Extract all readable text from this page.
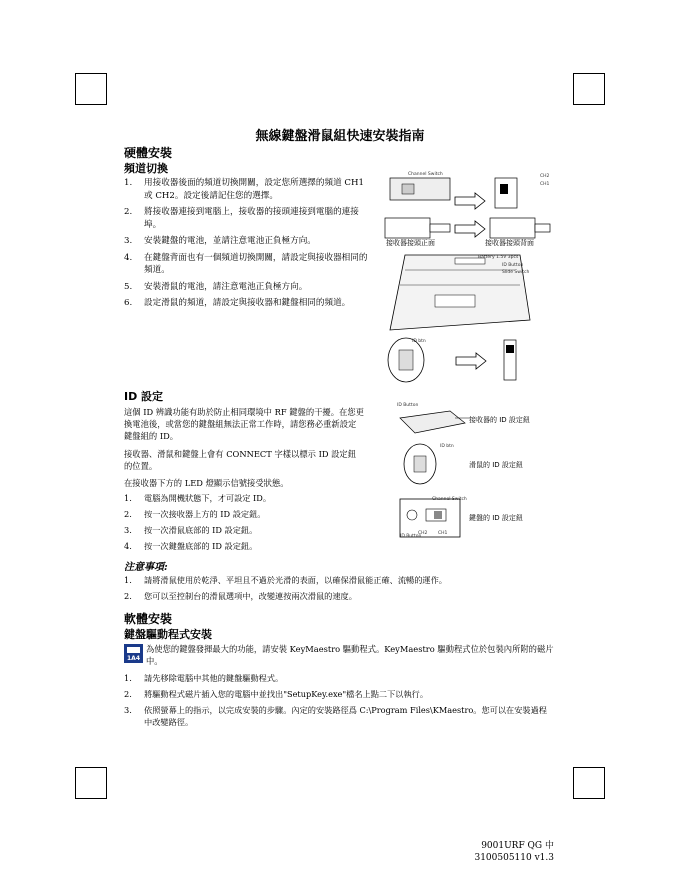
無線鍵盤滑鼠組快速安裝指南
硬體安裝
頻道切換
1. 用接收器後面的頻道切換開關，設定您所選擇的頻道 CH1 或 CH2。設定後請記住您的選擇。
2. 將接收器連接到電腦上，接收器的接頭連接到電腦的連接埠。
3. 安裝鍵盤的電池，並請注意電池正負極方向。
4. 在鍵盤背面也有一個頻道切換開關，請設定與接收器相同的頻道。
5. 安裝滑鼠的電池，請注意電池正負極方向。
6. 設定滑鼠的頻道，請設定與接收器和鍵盤相同的頻道。
Channel Switch	CH2
CH1
接收器接頭正面	接收器接頭背面
Battery 1.5V 3pcs
ID Button
Slide Switch
ID btn
ID 設定

這個 ID 辨識功能有助於防止相同環境中 RF 鍵盤的干擾。在您更換電池後，或當您的鍵盤組無法正常工作時，請您務必重新設定鍵盤組的 ID。

接收器、滑鼠和鍵盤上會有 CONNECT 字樣以標示 ID 設定鈕的位置。

在接收器下方的 LED 燈顯示信號接受狀態。

1. 電腦為開機狀態下，才可設定 ID。
2. 按一次接收器上方的 ID 設定鈕。
3. 按一次滑鼠底部的 ID 設定鈕。
4. 按一次鍵盤底部的 ID 設定鈕。
ID Button
接收器的 ID 設定鈕
ID btn
滑鼠的 ID 設定鈕
Channel Switch
CH2 CH1
ID Button
鍵盤的 ID 設定鈕
注意事項:
1. 請將滑鼠使用於乾淨、平坦且不過於光滑的表面，以確保滑鼠能正確、流暢的運作。
2. 您可以至控制台的滑鼠選項中，改變連按兩次滑鼠的速度。
軟體安裝
鍵盤驅動程式安裝
1A4

為使您的鍵盤發揮最大的功能，請安裝 KeyMaestro 驅動程式。KeyMaestro 驅動程式位於包裝內所附的磁片中。

1. 請先移除電腦中其他的鍵盤驅動程式。
2. 將驅動程式磁片插入您的電腦中並找出"SetupKey.exe"檔名上點二下以執行。
3. 依照螢幕上的指示，以完成安裝的步驟。內定的安裝路徑爲 C:\Program Files\KMaestro。您可以在安裝過程中改變路徑。
9001URF QG 中
3100505110 v1.3
